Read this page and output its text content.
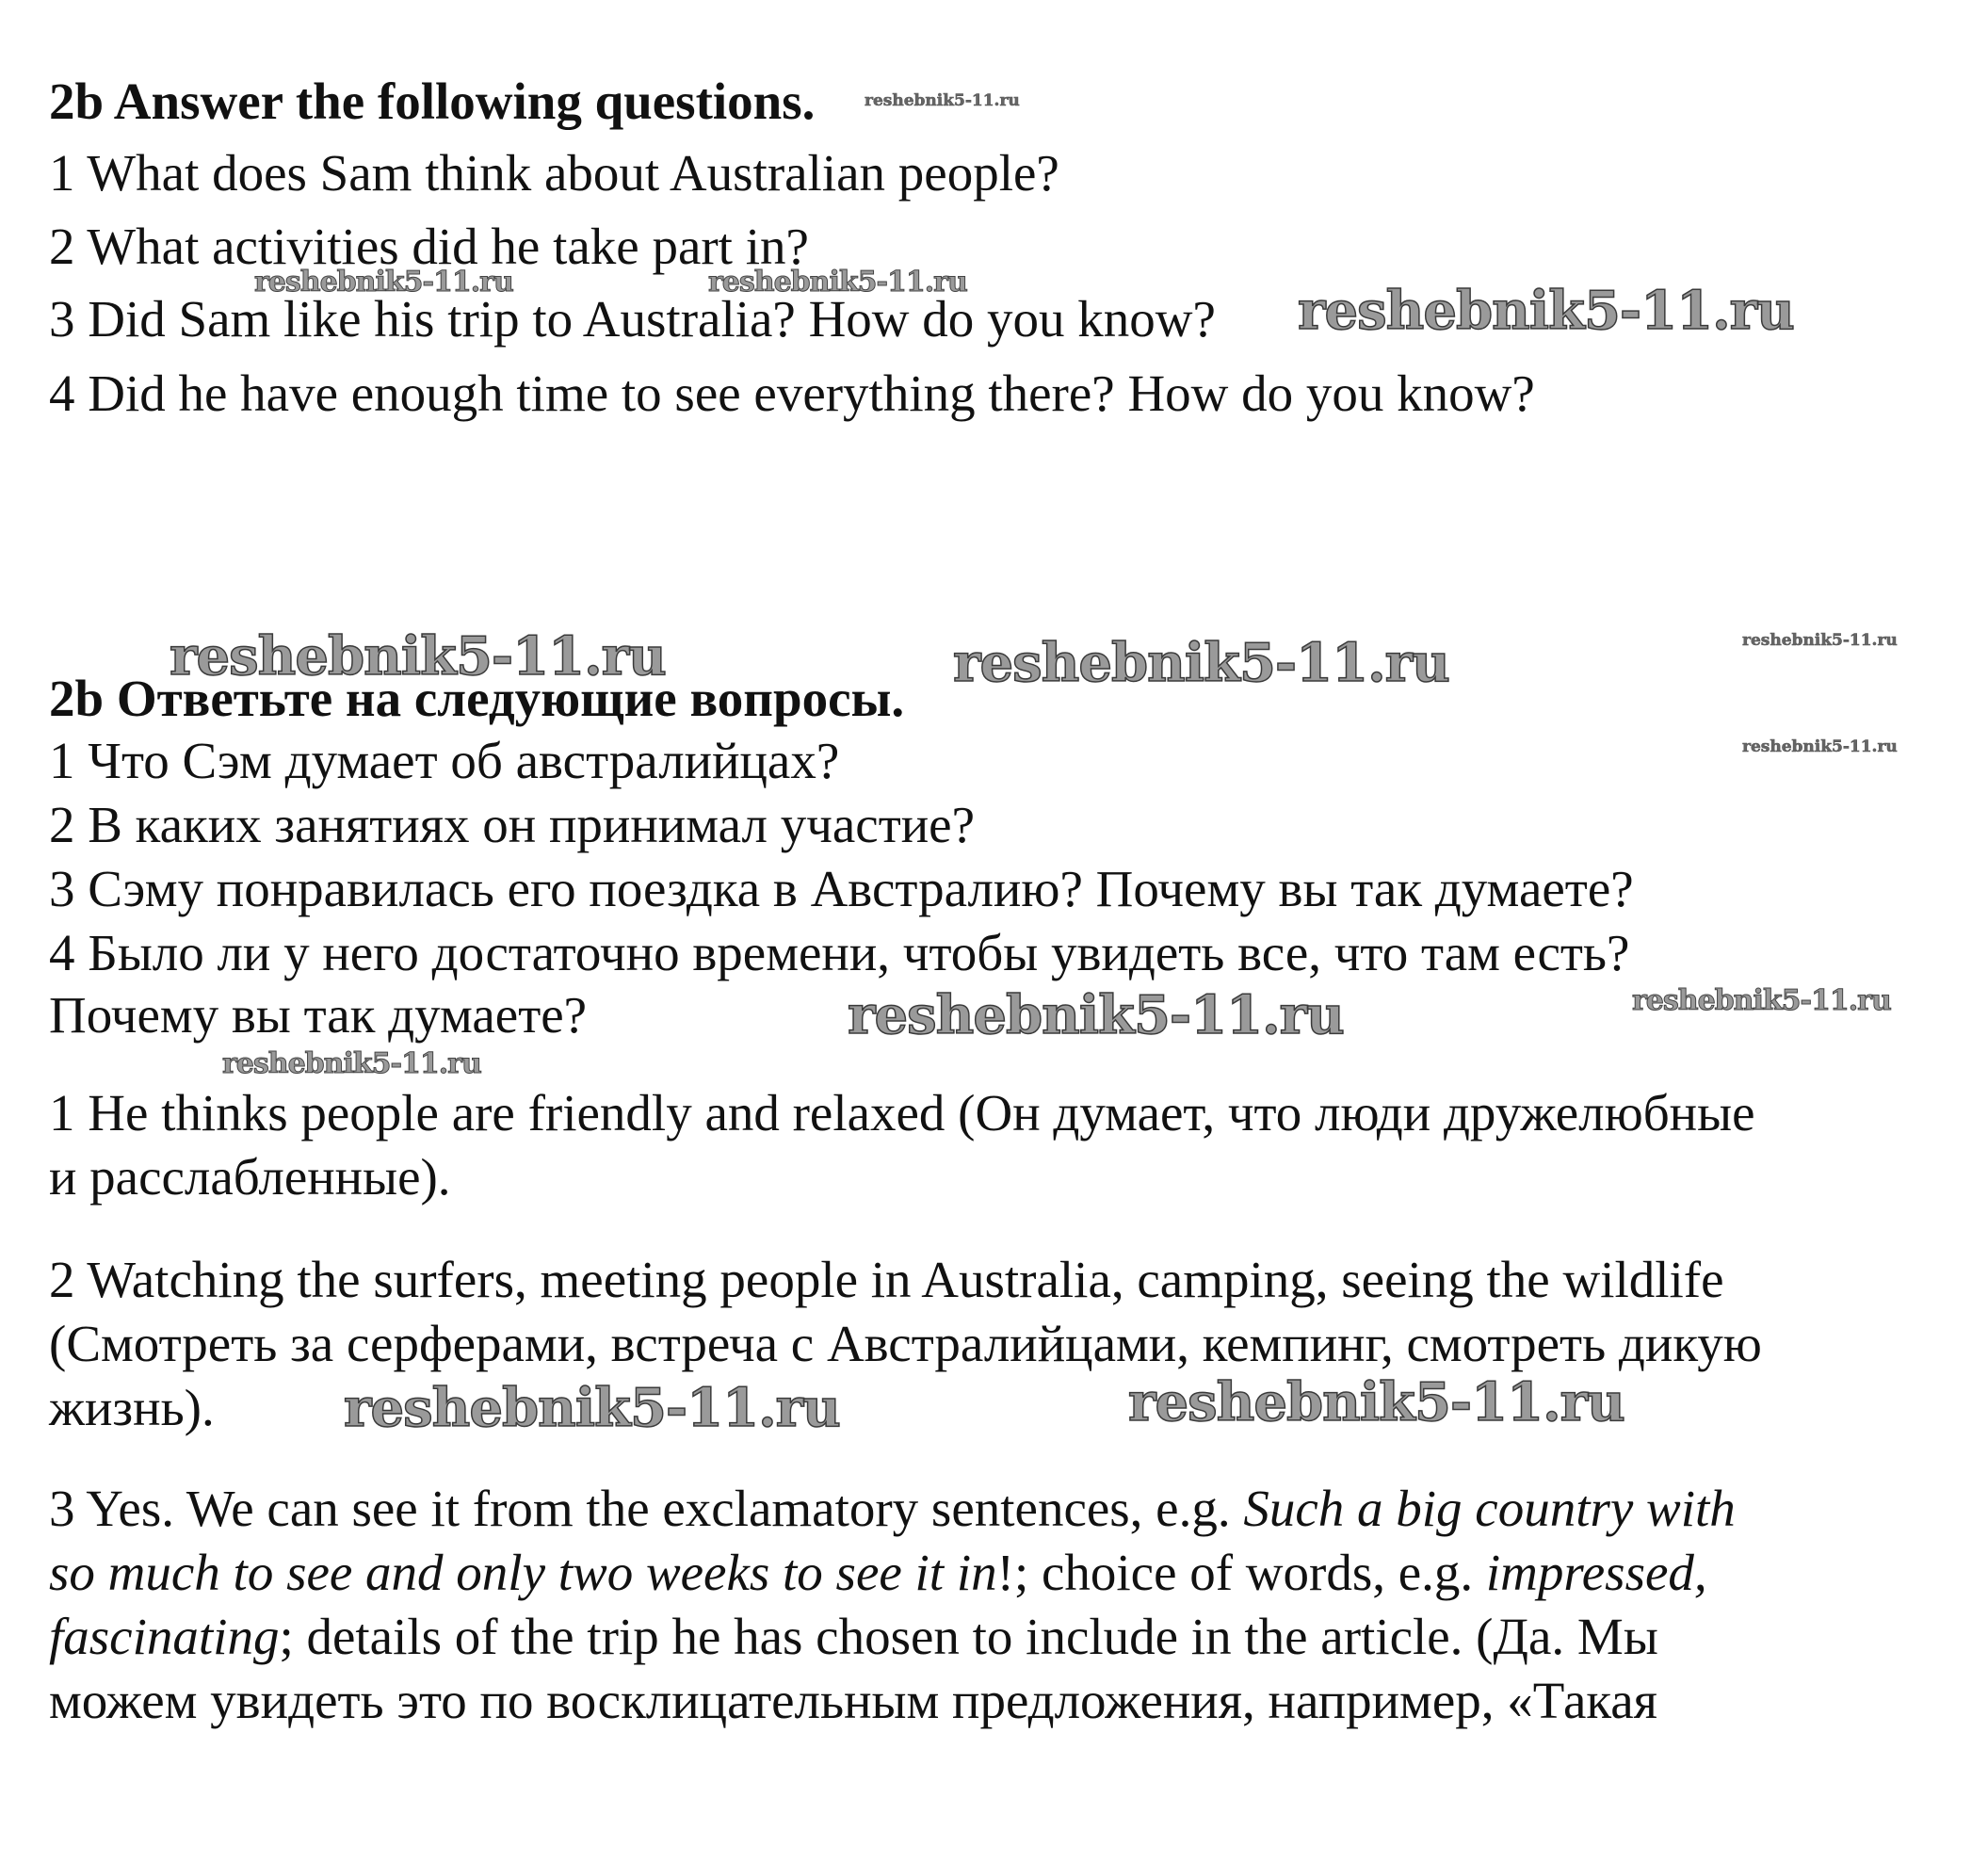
2b Answer the following questions.
1 What does Sam think about Australian people?
2 What activities did he take part in?
3 Did Sam like his trip to Australia? How do you know?
4 Did he have enough time to see everything there? How do you know?
2b Ответьте на следующие вопросы.
1 Что Сэм думает об австралийцах?
2 В каких занятиях он принимал участие?
3 Сэму понравилась его поездка в Австралию? Почему вы так думаете?
4 Было ли у него достаточно времени, чтобы увидеть все, что там есть?
Почему вы так думаете?
1 He thinks people are friendly and relaxed (Он думает, что люди дружелюбные
и расслабленные).
2 Watching the surfers, meeting people in Australia, camping, seeing the wildlife
(Смотреть за серферами, встреча с Австралийцами, кемпинг, смотреть дикую
жизнь).
3 Yes. We can see it from the exclamatory sentences, e.g. Such a big country with
so much to see and only two weeks to see it in!; choice of words, e.g. impressed,
fascinating; details of the trip he has chosen to include in the article. (Да. Мы
можем увидеть это по восклицательным предложения, например, «Такая
reshebnik5-11.ru
reshebnik5-11.ru	reshebnik5-11.ru	reshebnik5-11.ru
reshebnik5-11.ru	reshebnik5-11.ru	reshebnik5-11.ru
reshebnik5-11.ru
reshebnik5-11.ru	reshebnik5-11.ru
reshebnik5-11.ru
reshebnik5-11.ru	reshebnik5-11.ru
